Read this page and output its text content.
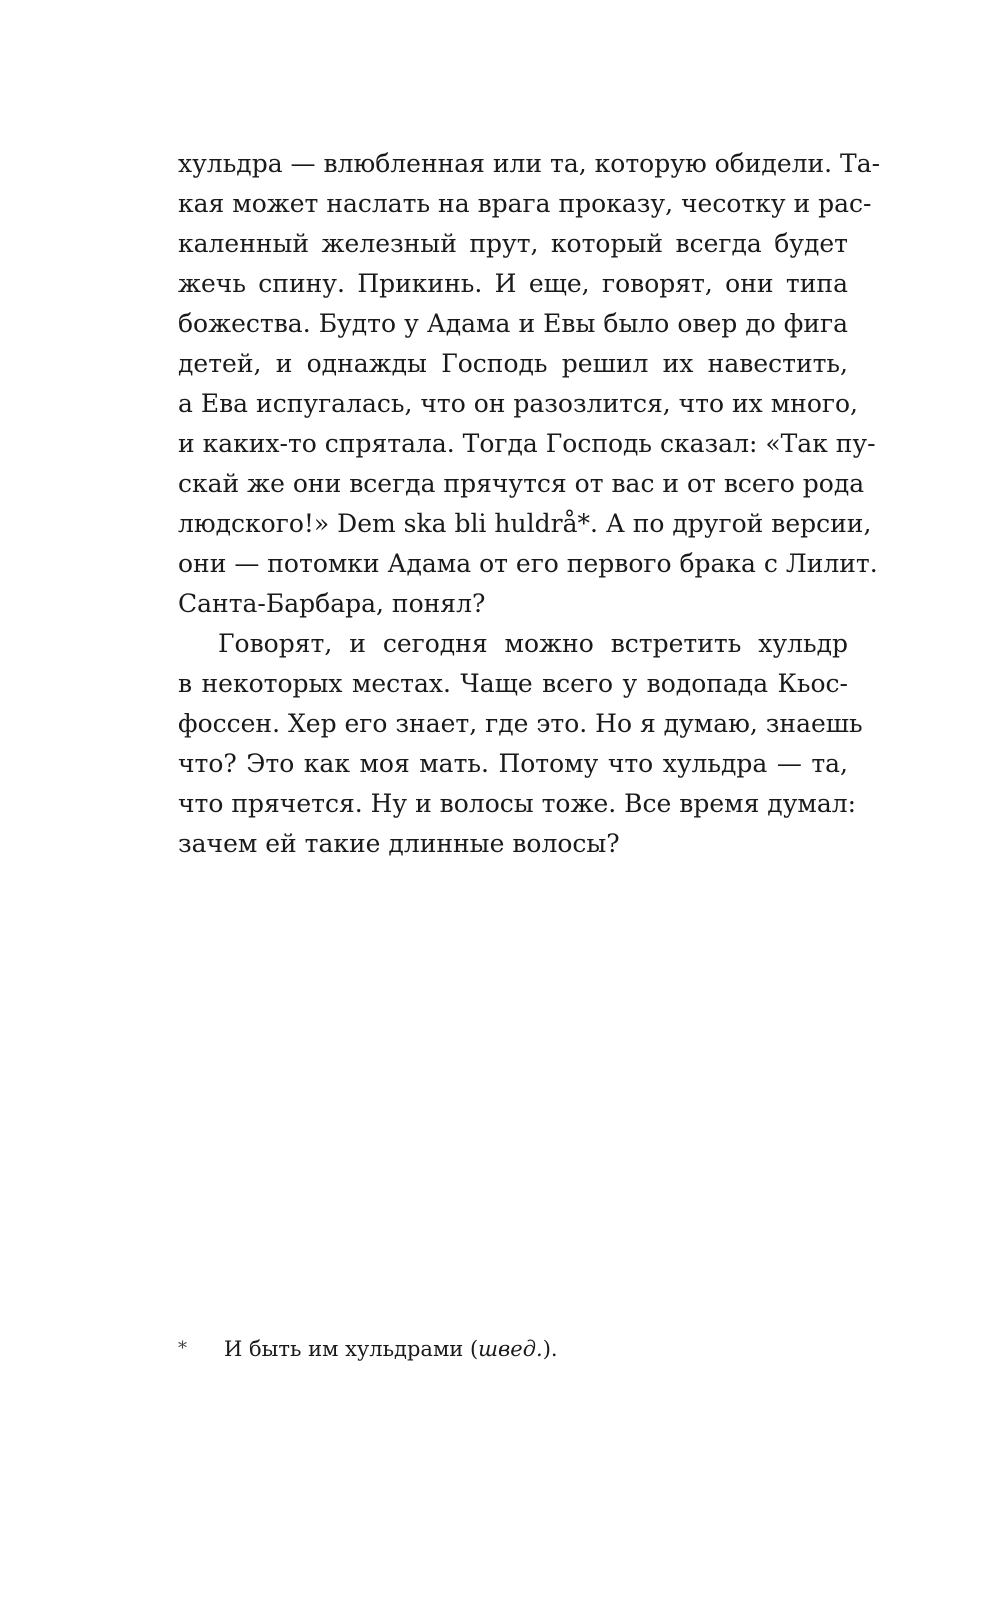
хульдра — влюбленная или та, которую обидели. Та-
кая может наслать на врага проказу, чесотку и рас-
каленный железный прут, который всегда будет
жечь спину. Прикинь. И еще, говорят, они типа
божества. Будто у Адама и Евы было овер до фига
детей, и однажды Господь решил их навестить,
а Ева испугалась, что он разозлится, что их много,
и каких-то спрятала. Тогда Господь сказал: «Так пу-
скай же они всегда прячутся от вас и от всего рода
людского!» Dem ska bli huldrå*. А по другой версии,
они — потомки Адама от его первого брака с Лилит.
Санта-Барбара, понял?
Говорят, и сегодня можно встретить хульдр
в некоторых местах. Чаще всего у водопада Кьос-
фоссен. Хер его знает, где это. Но я думаю, знаешь
что? Это как моя мать. Потому что хульдра — та,
что прячется. Ну и волосы тоже. Все время думал:
зачем ей такие длинные волосы?
* И быть им хульдрами (швед.).
